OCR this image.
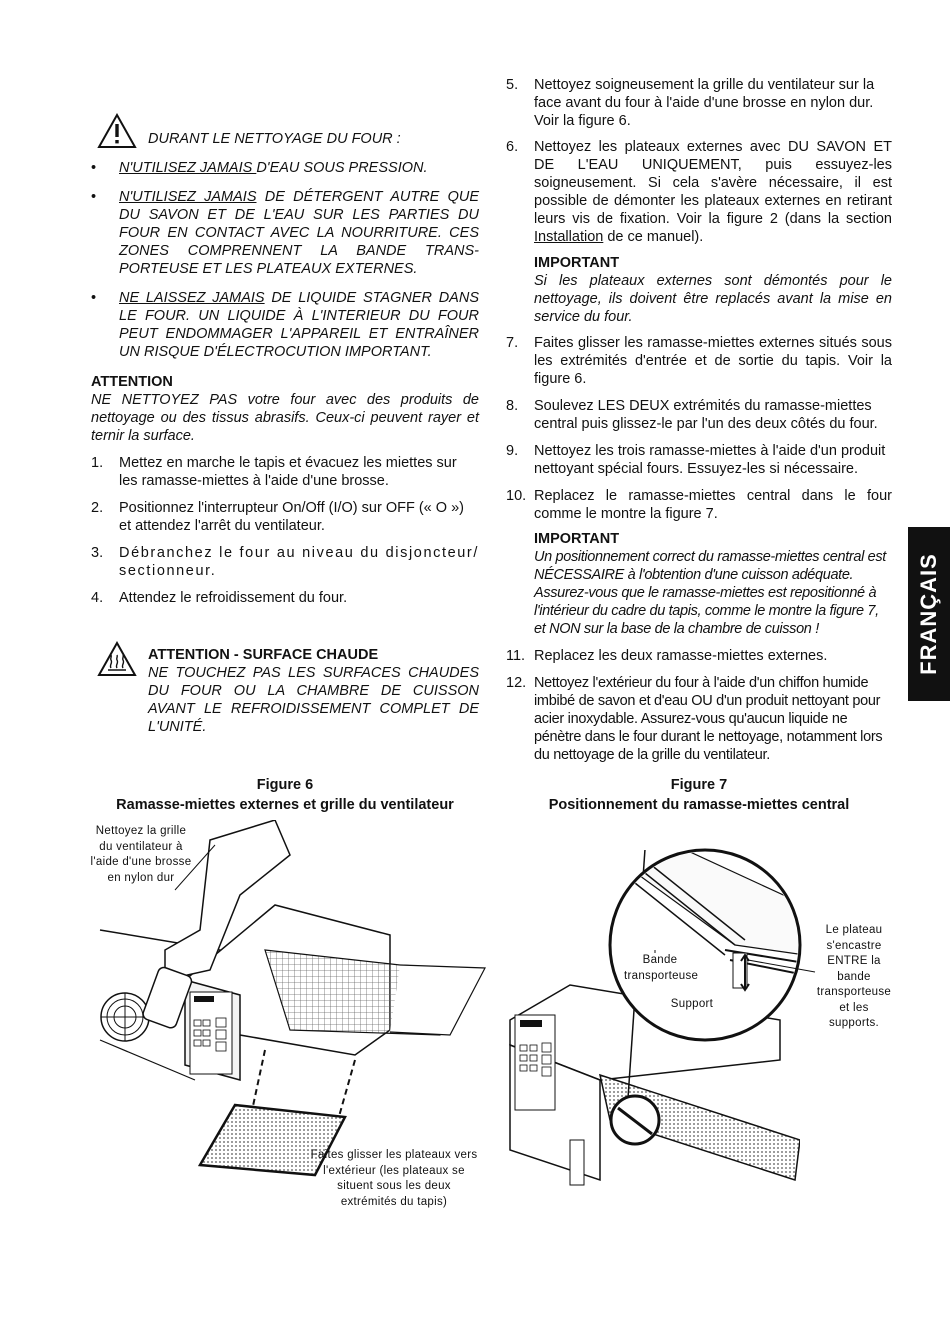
DURANT LE NETTOYAGE DU FOUR :
• N'UTILISEZ JAMAIS D'EAU SOUS PRESSION.
• N'UTILISEZ JAMAIS DE DÉTERGENT AUTRE QUE DU SAVON ET DE L'EAU SUR LES PARTIES DU FOUR EN CONTACT AVEC LA NOURRITURE. CES ZONES COMPRENNENT LA BANDE TRANS-PORTEUSE ET LES PLATEAUX EXTERNES.
• NE LAISSEZ JAMAIS DE LIQUIDE STAGNER DANS LE FOUR. UN LIQUIDE À L'INTERIEUR DU FOUR PEUT ENDOMMAGER L'APPAREIL ET ENTRAÎNER UN RISQUE D'ÉLECTROCUTION IMPORTANT.
ATTENTION
NE NETTOYEZ PAS votre four avec des produits de nettoyage ou des tissus abrasifs. Ceux-ci peuvent rayer et ternir la surface.
1. Mettez en marche le tapis et évacuez les miettes sur les ramasse-miettes à l'aide d'une brosse.
2. Positionnez l'interrupteur On/Off (I/O) sur OFF (« O ») et attendez l'arrêt du ventilateur.
3. Débranchez le four au niveau du disjoncteur/ sectionneur.
4. Attendez le refroidissement du four.
ATTENTION - SURFACE CHAUDE
NE TOUCHEZ PAS LES SURFACES CHAUDES DU FOUR OU LA CHAMBRE DE CUISSON AVANT LE REFROIDISSEMENT COMPLET DE L'UNITÉ.
5. Nettoyez soigneusement la grille du ventilateur sur la face avant du four à l'aide d'une brosse en nylon dur. Voir la figure 6.
6. Nettoyez les plateaux externes avec DU SAVON ET DE L'EAU UNIQUEMENT, puis essuyez-les soigneusement. Si cela s'avère nécessaire, il est possible de démonter les plateaux externes en retirant leurs vis de fixation. Voir la figure 2 (dans la section Installation de ce manuel).
IMPORTANT
Si les plateaux externes sont démontés pour le nettoyage, ils doivent être replacés avant la mise en service du four.
7. Faites glisser les ramasse-miettes externes situés sous les extrémités d'entrée et de sortie du tapis. Voir la figure 6.
8. Soulevez LES DEUX extrémités du ramasse-miettes central puis glissez-le par l'un des deux côtés du four.
9. Nettoyez les trois ramasse-miettes à l'aide d'un produit nettoyant spécial fours. Essuyez-les si nécessaire.
10. Replacez le ramasse-miettes central dans le four comme le montre la figure 7.
IMPORTANT
Un positionnement correct du ramasse-miettes central est NÉCESSAIRE à l'obtention d'une cuisson adéquate. Assurez-vous que le ramasse-miettes est repositionné à l'intérieur du cadre du tapis, comme le montre la figure 7, et NON sur la base de la chambre de cuisson !
11. Replacez les deux ramasse-miettes externes.
12. Nettoyez l'extérieur du four à l'aide d'un chiffon humide imbibé de savon et d'eau OU d'un produit nettoyant pour acier inoxydable. Assurez-vous qu'aucun liquide ne pénètre dans le four durant le nettoyage, notamment lors du nettoyage de la grille du ventilateur.
FRANÇAIS
Figure 6
Ramasse-miettes externes et grille du ventilateur
Nettoyez la grille du ventilateur à l'aide d'une brosse en nylon dur
Faites glisser les plateaux vers l'extérieur (les plateaux se situent sous les deux extrémités du tapis)
Figure 7
Positionnement du ramasse-miettes central
Bande transporteuse
Support
Le plateau s'encastre ENTRE la bande transporteuse et les supports.
